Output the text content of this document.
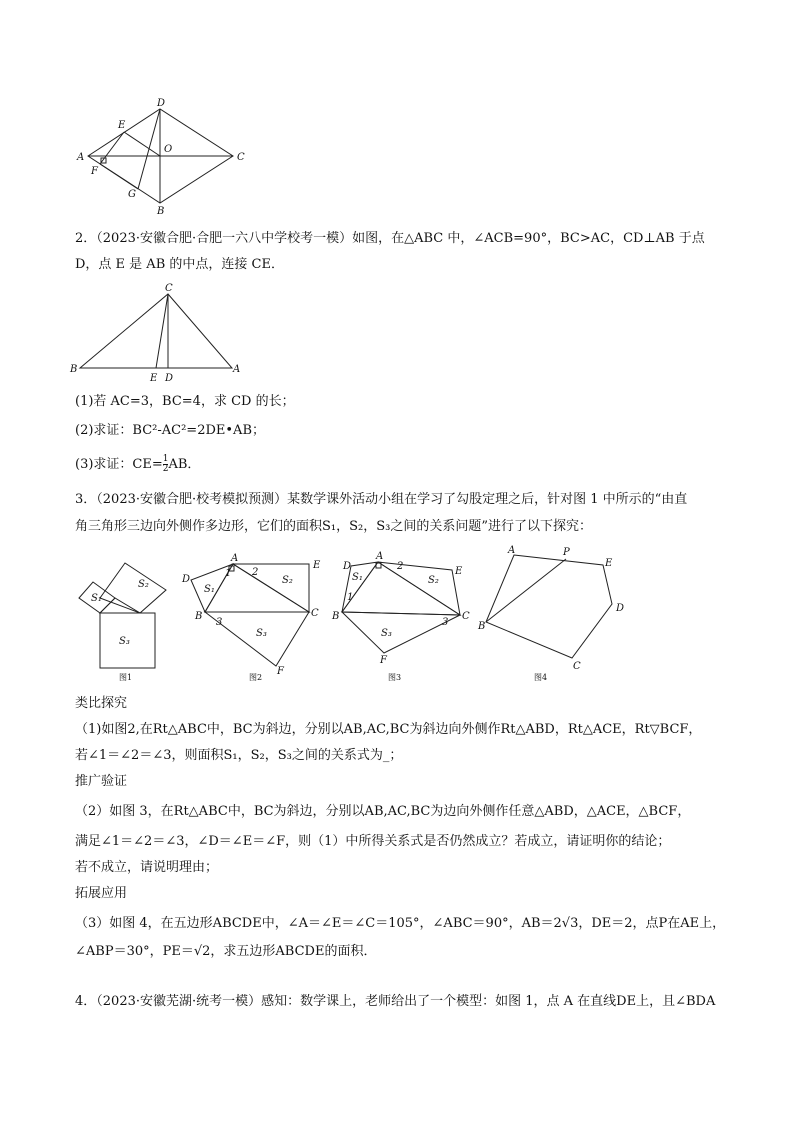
D
E
A
O
C
F
G
B
2．（2023·安徽合肥·合肥一六八中学校考一模）如图，在△ABC 中，∠ACB=90°，BC>AC，CD⊥AB 于点
D，点 E 是 AB 的中点，连接 CE．
C
B	A
E D
(1)若 AC=3，BC=4，求 CD 的长；
(2)求证：BC²-AC²=2DE•AB；
(3)求证：$CE= \frac{1}{2}$ AB．
3．（2023·安徽合肥·校考模拟预测）某数学课外活动小组在学习了勾股定理之后，针对图 1 中所示的“由直
角三角形三边向外侧作多边形，它们的面积S₁，S₂，S₃之间的关系问题”进行了以下探究：
S₁
S₂
S₃
图1
A
D
E
B	C
F
1 2
3
S₁
S₂
S₃
图2
A
D	E
B	C
F
1
2
3
S₁	S₂
S₃
图3
A	P
E
D
C
B
图4
类比探究
（1)如图2,在Rt△ABC中，BC为斜边，分别以AB,AC,BC为斜边向外侧作Rt△ABD，Rt△ACE，Rt▽BCF，
若∠1＝∠2＝∠3，则面积S₁，S₂，S₃之间的关系式为_；
推广验证
（2）如图 3，在Rt△ABC中，BC为斜边，分别以AB,AC,BC为边向外侧作任意△ABD，△ACE，△BCF，
满足∠1＝∠2＝∠3，∠D＝∠E＝∠F，则（1）中所得关系式是否仍然成立？若成立，请证明你的结论；
若不成立，请说明理由；
拓展应用
（3）如图 4，在五边形ABCDE中，∠A＝∠E＝∠C＝105°，∠ABC＝90°，AB＝2√3，DE＝2，点P在AE上，
∠ABP＝30°，PE＝√2，求五边形ABCDE的面积．
4．（2023·安徽芜湖·统考一模）感知：数学课上，老师给出了一个模型：如图 1，点 A 在直线DE上，且∠BDA
